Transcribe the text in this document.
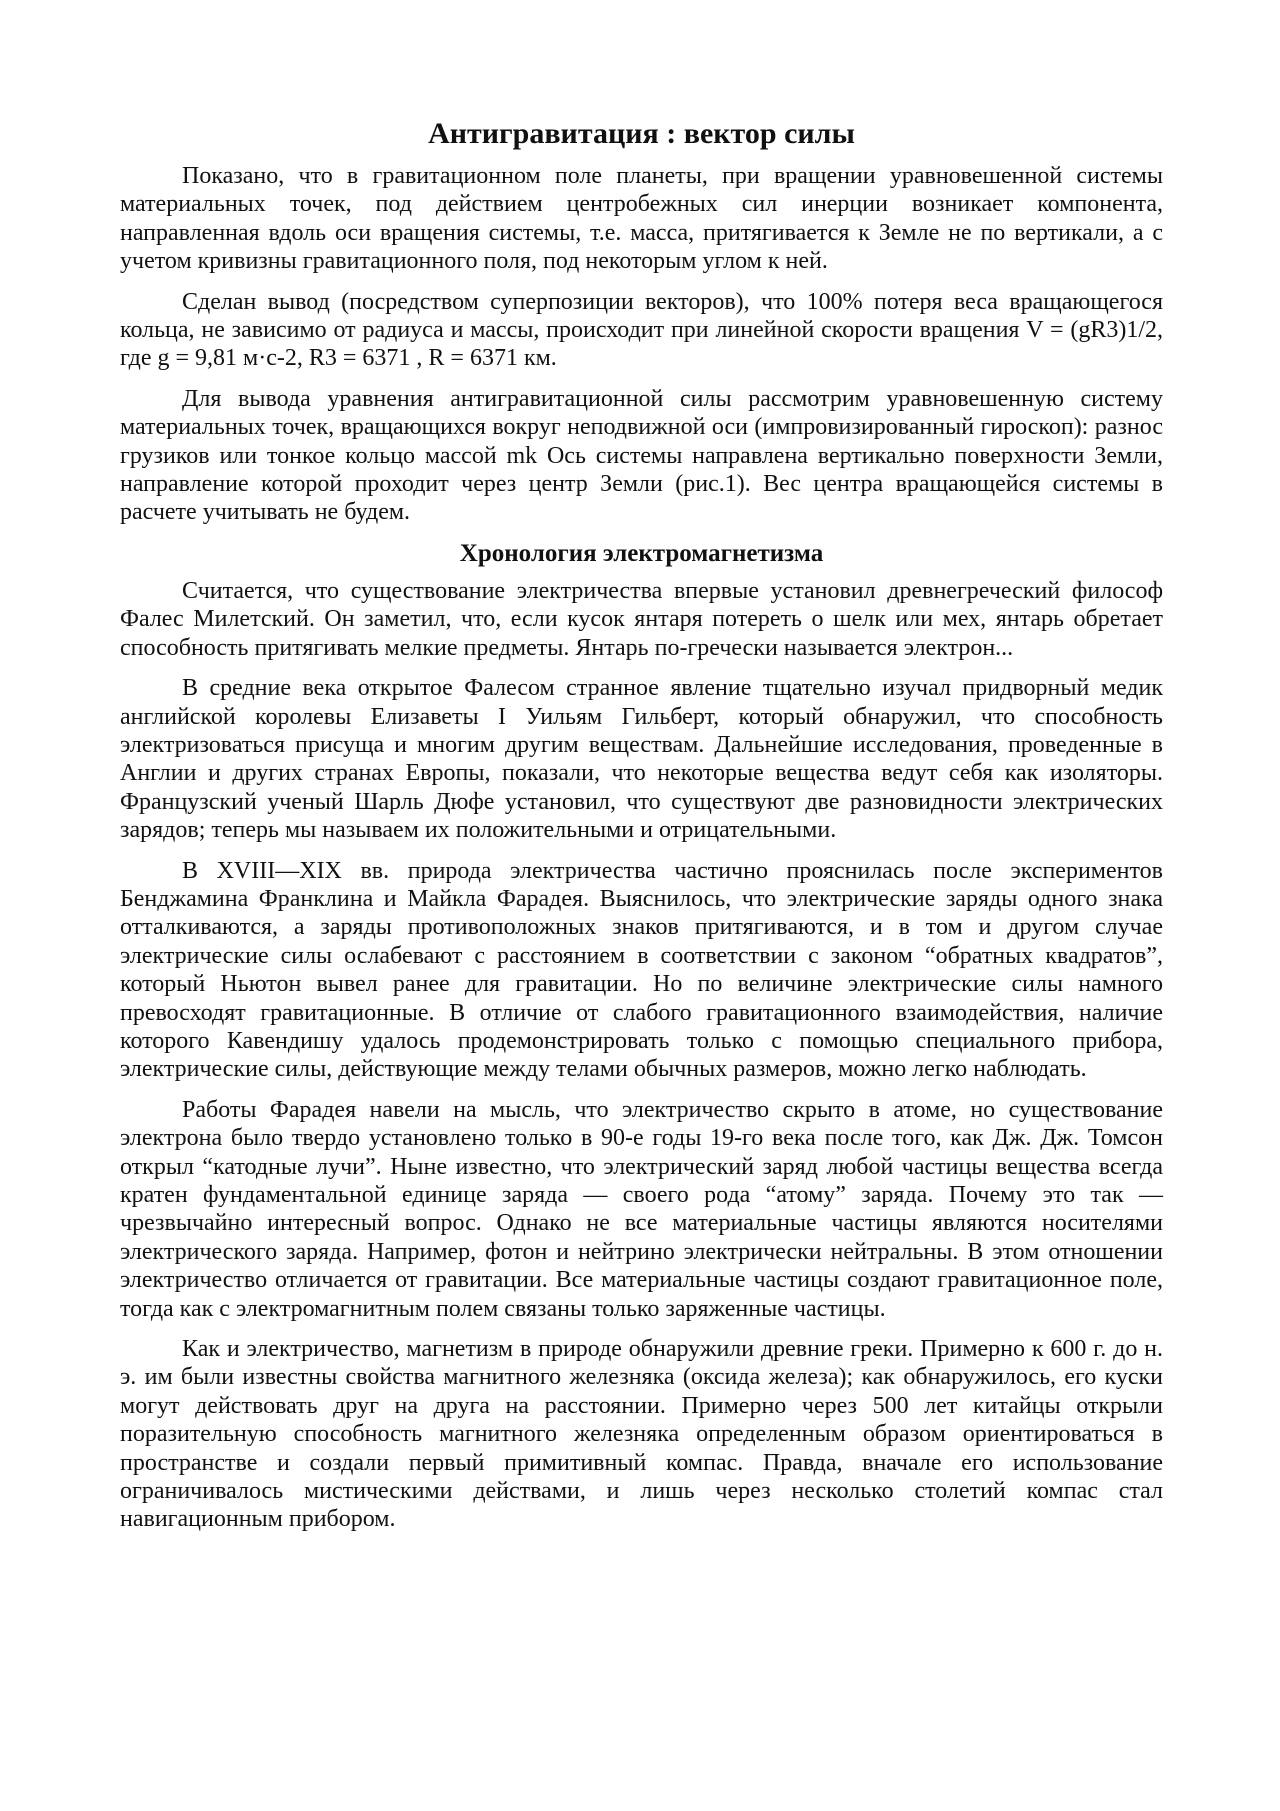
Антигравитация : вектор силы

Показано, что в гравитационном поле планеты, при вращении уравновешенной системы материальных точек, под действием центробежных сил инерции возникает компонента, направленная вдоль оси вращения системы, т.е. масса, притягивается к Земле не по вертикали, а с учетом кривизны гравитационного поля, под некоторым углом к ней.

Сделан вывод (посредством суперпозиции векторов), что 100% потеря веса вращающегося кольца, не зависимо от радиуса и массы, происходит при линейной скорости вращения V = (gR3)1/2, где g = 9,81 м·с-2, R3 = 6371 , R = 6371 км.

Для вывода уравнения антигравитационной силы рассмотрим уравновешенную систему материальных точек, вращающихся вокруг неподвижной оси (импровизированный гироскоп): разнос грузиков или тонкое кольцо массой mk Ось системы направлена вертикально поверхности Земли, направление которой проходит через центр Земли (рис.1). Вес центра вращающейся системы в расчете учитывать не будем.

Хронология электромагнетизма

Считается, что существование электричества впервые установил древнегреческий философ Фалес Милетский. Он заметил, что, если кусок янтаря потереть о шелк или мех, янтарь обретает способность притягивать мелкие предметы. Янтарь по-гречески называется электрон...

В средние века открытое Фалесом странное явление тщательно изучал придворный медик английской королевы Елизаветы I Уильям Гильберт, который обнаружил, что способность электризоваться присуща и многим другим веществам. Дальнейшие исследования, проведенные в Англии и других странах Европы, показали, что некоторые вещества ведут себя как изоляторы. Французский ученый Шарль Дюфе установил, что существуют две разновидности электрических зарядов; теперь мы называем их положительными и отрицательными.

В XVIII—XIX вв. природа электричества частично прояснилась после экспериментов Бенджамина Франклина и Майкла Фарадея. Выяснилось, что электрические заряды одного знака отталкиваются, а заряды противоположных знаков притягиваются, и в том и другом случае электрические силы ослабевают с расстоянием в соответствии с законом “обратных квадратов”, который Ньютон вывел ранее для гравитации. Но по величине электрические силы намного превосходят гравитационные. В отличие от слабого гравитационного взаимодействия, наличие которого Кавендишу удалось продемонстрировать только с помощью специального прибора, электрические силы, действующие между телами обычных размеров, можно легко наблюдать.

Работы Фарадея навели на мысль, что электричество скрыто в атоме, но существование электрона было твердо установлено только в 90-е годы 19-го века после того, как Дж. Дж. Томсон открыл “катодные лучи”. Ныне известно, что электрический заряд любой частицы вещества всегда кратен фундаментальной единице заряда — своего рода “атому” заряда. Почему это так — чрезвычайно интересный вопрос. Однако не все материальные частицы являются носителями электрического заряда. Например, фотон и нейтрино электрически нейтральны. В этом отношении электричество отличается от гравитации. Все материальные частицы создают гравитационное поле, тогда как с электромагнитным полем связаны только заряженные частицы.

Как и электричество, магнетизм в природе обнаружили древние греки. Примерно к 600 г. до н. э. им были известны свойства магнитного железняка (оксида железа); как обнаружилось, его куски могут действовать друг на друга на расстоянии. Примерно через 500 лет китайцы открыли поразительную способность магнитного железняка определенным образом ориентироваться в пространстве и создали первый примитивный компас. Правда, вначале его использование ограничивалось мистическими действами, и лишь через несколько столетий компас стал навигационным прибором.
